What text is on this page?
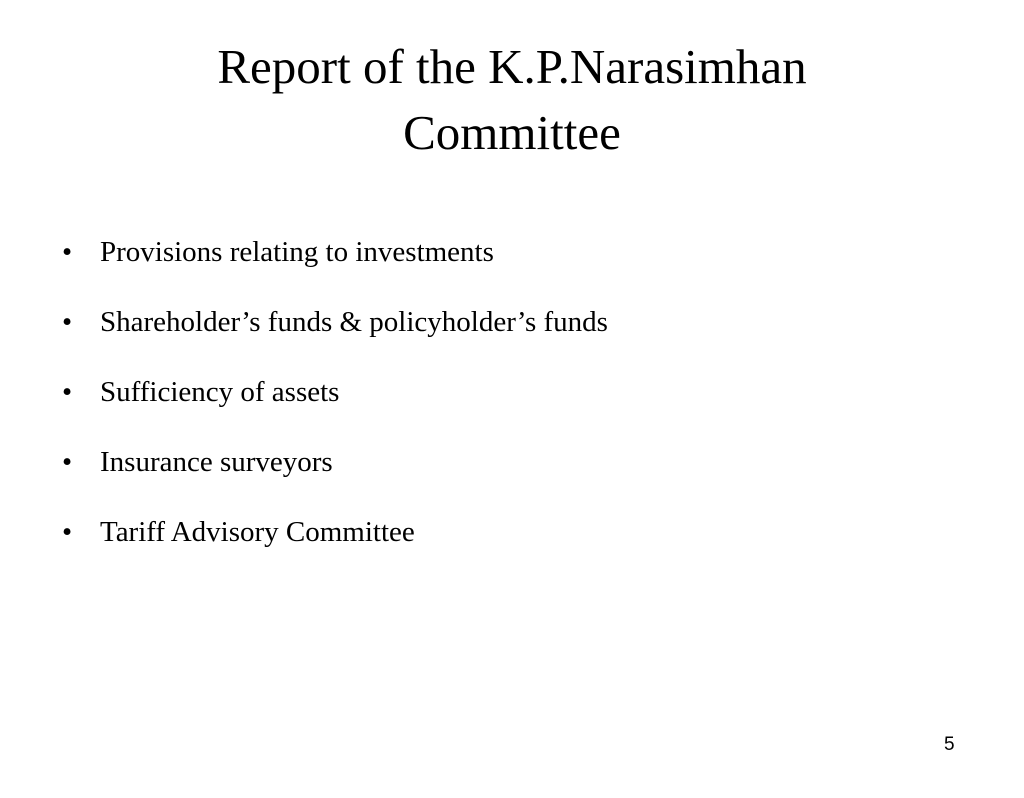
Report of the K.P.Narasimhan
Committee
• Provisions relating to investments
• Shareholder’s funds & policyholder’s funds
• Sufficiency of assets
• Insurance surveyors
• Tariff Advisory Committee
5
